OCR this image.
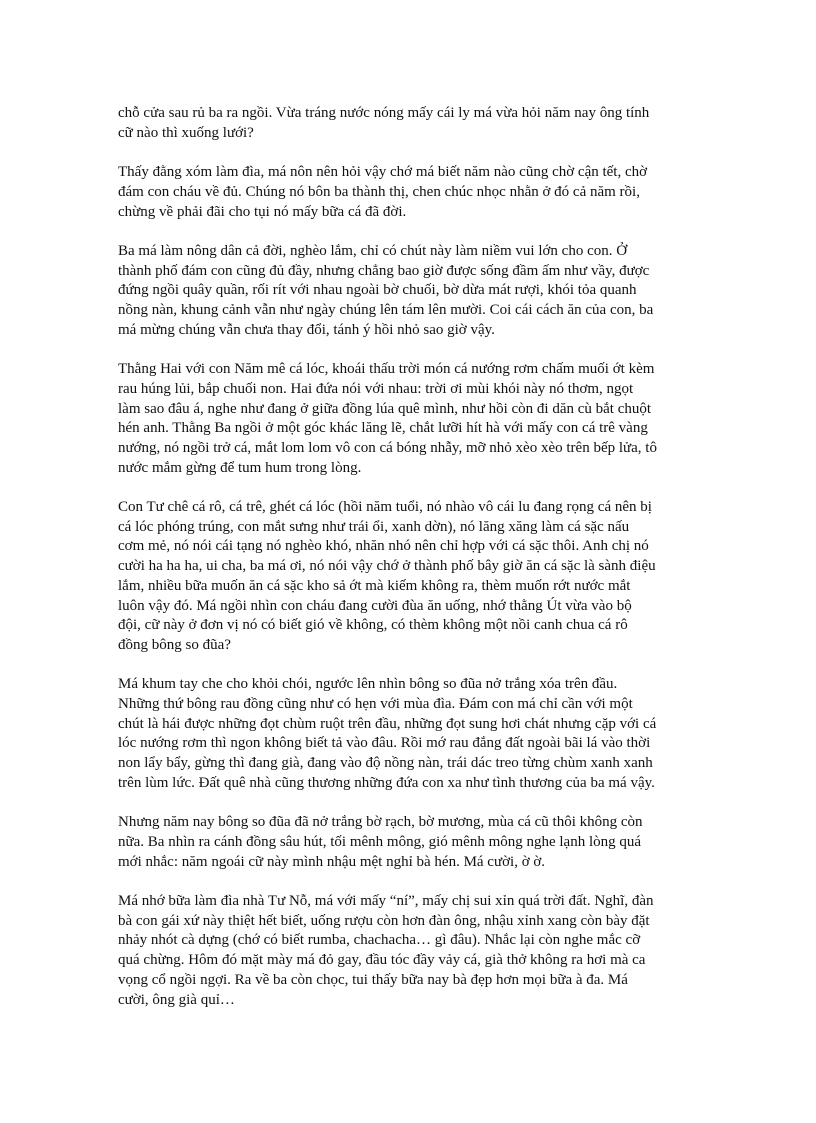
chỗ cửa sau rủ ba ra ngồi. Vừa tráng nước nóng mấy cái ly má vừa hỏi năm nay ông tính
cữ nào thì xuống lưới?

Thấy đằng xóm làm đìa, má nôn nên hỏi vậy chớ má biết năm nào cũng chờ cận tết, chờ
đám con cháu về đủ. Chúng nó bôn ba thành thị, chen chúc nhọc nhằn ở đó cả năm rồi,
chừng về phải đãi cho tụi nó mấy bữa cá đã đời.

Ba má làm nông dân cả đời, nghèo lắm, chỉ có chút này làm niềm vui lớn cho con. Ở
thành phố đám con cũng đủ đầy, nhưng chẳng bao giờ được sống đầm ấm như vầy, được
đứng ngồi quây quần, rối rít với nhau ngoài bờ chuối, bờ dừa mát rượi, khói tỏa quanh
nồng nàn, khung cảnh vẫn như ngày chúng lên tám lên mười. Coi cái cách ăn của con, ba
má mừng chúng vẫn chưa thay đổi, tánh ý hồi nhỏ sao giờ vậy.

Thằng Hai với con Năm mê cá lóc, khoái thấu trời món cá nướng rơm chấm muối ớt kèm
rau húng lủi, bắp chuối non. Hai đứa nói với nhau: trời ơi mùi khói này nó thơm, ngọt
làm sao đâu á, nghe như đang ở giữa đồng lúa quê mình, như hồi còn đi dăn cù bắt chuột
hén anh. Thằng Ba ngồi ở một góc khác lăng lẽ, chắt lưỡi hít hà với mấy con cá trê vàng
nướng, nó ngồi trở cá, mắt lom lom vô con cá bóng nhẫy, mỡ nhỏ xèo xèo trên bếp lửa, tô
nước mắm gừng để tum hum trong lòng.

Con Tư chê cá rô, cá trê, ghét cá lóc (hồi năm tuổi, nó nhào vô cái lu đang rọng cá nên bị
cá lóc phóng trúng, con mắt sưng như trái ổi, xanh dờn), nó lăng xăng làm cá sặc nấu
cơm mẻ, nó nói cái tạng nó nghèo khó, nhăn nhó nên chỉ hợp với cá sặc thôi. Anh chị nó
cười ha ha ha, ui cha, ba má ơi, nó nói vậy chớ ở thành phố bây giờ ăn cá sặc là sành điệu
lắm, nhiều bữa muốn ăn cá sặc kho sả ớt mà kiếm không ra, thèm muốn rớt nước mắt
luôn vậy đó. Má ngồi nhìn con cháu đang cười đùa ăn uống, nhớ thằng Út vừa vào bộ
đội, cữ này ở đơn vị nó có biết gió về không, có thèm không một nồi canh chua cá rô
đồng bông so đũa?

Má khum tay che cho khỏi chói, ngước lên nhìn bông so đũa nở trắng xóa trên đầu.
Những thứ bông rau đồng cũng như có hẹn với mùa đìa. Đám con má chỉ cần với một
chút là hái được những đọt chùm ruột trên đầu, những đọt sung hơi chát nhưng cặp với cá
lóc nướng rơm thì ngon không biết tả vào đâu. Rồi mớ rau đắng đất ngoài bãi lá vào thời
non lẩy bẩy, gừng thì đang già, đang vào độ nồng nàn, trái dác treo từng chùm xanh xanh
trên lùm lức. Đất quê nhà cũng thương những đứa con xa như tình thương của ba má vậy.

Nhưng năm nay bông so đũa đã nở trắng bờ rạch, bờ mương, mùa cá cũ thôi không còn
nữa. Ba nhìn ra cánh đồng sâu hút, tối mênh mông, gió mênh mông nghe lạnh lòng quá
mới nhắc: năm ngoái cữ này mình nhậu mệt nghỉ bà hén. Má cười, ờ ờ.

Má nhớ bữa làm đìa nhà Tư Nỗ, má với mấy “ní”, mấy chị sui xỉn quá trời đất. Nghĩ, đàn
bà con gái xứ này thiệt hết biết, uống rượu còn hơn đàn ông, nhậu xỉnh xang còn bày đặt
nhảy nhót cà dựng (chớ có biết rumba, chachacha… gì đâu). Nhắc lại còn nghe mắc cỡ
quá chừng. Hôm đó mặt mày má đỏ gay, đầu tóc đầy vảy cá, già thở không ra hơi mà ca
vọng cổ ngồi ngợi. Ra về ba còn chọc, tui thấy bữa nay bà đẹp hơn mọi bữa à đa. Má
cười, ông già quỉ…
